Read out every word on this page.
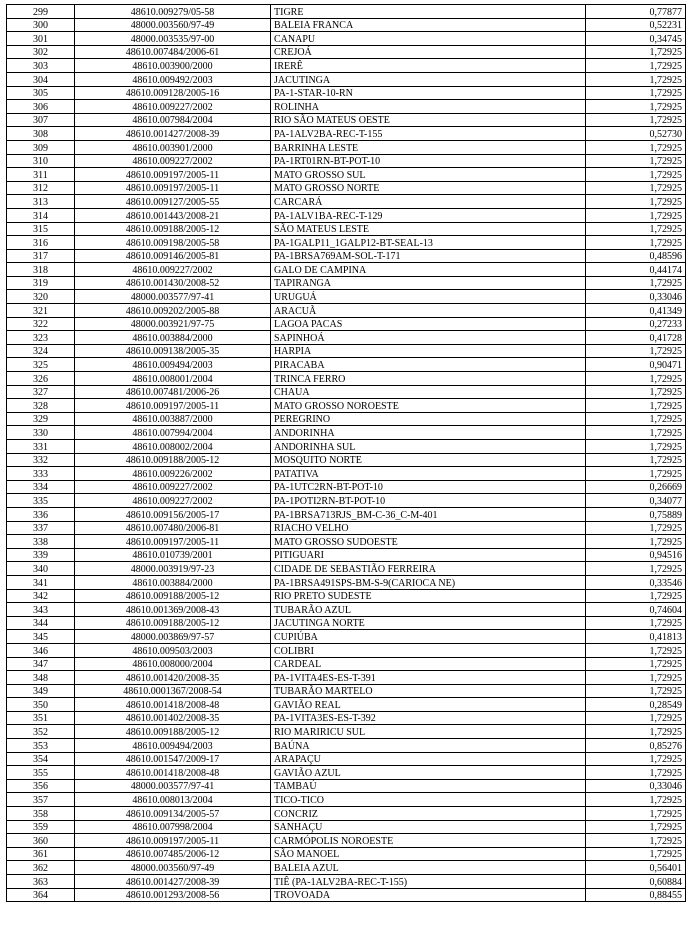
299	48610.009279/05-58	TIGRE	0,77877
300	48000.003560/97-49	BALEIA FRANCA	0,52231
301	48000.003535/97-00	CANAPU	0,34745
302	48610.007484/2006-61	CREJOÁ	1,72925
303	48610.003900/2000	IRERÊ	1,72925
304	48610.009492/2003	JACUTINGA	1,72925
305	48610.009128/2005-16	PA-1-STAR-10-RN	1,72925
306	48610.009227/2002	ROLINHA	1,72925
307	48610.007984/2004	RIO SÃO MATEUS OESTE	1,72925
308	48610.001427/2008-39	PA-1ALV2BA-REC-T-155	0,52730
309	48610.003901/2000	BARRINHA LESTE	1,72925
310	48610.009227/2002	PA-1RT01RN-BT-POT-10	1,72925
311	48610.009197/2005-11	MATO GROSSO SUL	1,72925
312	48610.009197/2005-11	MATO GROSSO NORTE	1,72925
313	48610.009127/2005-55	CARCARÁ	1,72925
314	48610.001443/2008-21	PA-1ALV1BA-REC-T-129	1,72925
315	48610.009188/2005-12	SÃO MATEUS LESTE	1,72925
316	48610.009198/2005-58	PA-1GALP11_1GALP12-BT-SEAL-13	1,72925
317	48610.009146/2005-81	PA-1BRSA769AM-SOL-T-171	0,48596
318	48610.009227/2002	GALO DE CAMPINA	0,44174
319	48610.001430/2008-52	TAPIRANGA	1,72925
320	48000.003577/97-41	URUGUÁ	0,33046
321	48610.009202/2005-88	ARACUÃ	0,41349
322	48000.003921/97-75	LAGOA PACAS	0,27233
323	48610.003884/2000	SAPINHOÁ	0,41728
324	48610.009138/2005-35	HARPIA	1,72925
325	48610.009494/2003	PIRACABA	0,90471
326	48610.008001/2004	TRINCA FERRO	1,72925
327	48610.007481/2006-26	CHAUA	1,72925
328	48610.009197/2005-11	MATO GROSSO NOROESTE	1,72925
329	48610.003887/2000	PEREGRINO	1,72925
330	48610.007994/2004	ANDORINHA	1,72925
331	48610.008002/2004	ANDORINHA SUL	1,72925
332	48610.009188/2005-12	MOSQUITO NORTE	1,72925
333	48610.009226/2002	PATATIVA	1,72925
334	48610.009227/2002	PA-1UTC2RN-BT-POT-10	0,26669
335	48610.009227/2002	PA-1POTI2RN-BT-POT-10	0,34077
336	48610.009156/2005-17	PA-1BRSA713RJS_BM-C-36_C-M-401	0,75889
337	48610.007480/2006-81	RIACHO VELHO	1,72925
338	48610.009197/2005-11	MATO GROSSO SUDOESTE	1,72925
339	48610.010739/2001	PITIGUARI	0,94516
340	48000.003919/97-23	CIDADE DE SEBASTIÃO FERREIRA	1,72925
341	48610.003884/2000	PA-1BRSA491SPS-BM-S-9(CARIOCA NE)	0,33546
342	48610.009188/2005-12	RIO PRETO SUDESTE	1,72925
343	48610.001369/2008-43	TUBARÃO AZUL	0,74604
344	48610.009188/2005-12	JACUTINGA NORTE	1,72925
345	48000.003869/97-57	CUPIÚBA	0,41813
346	48610.009503/2003	COLIBRI	1,72925
347	48610.008000/2004	CARDEAL	1,72925
348	48610.001420/2008-35	PA-1VITA4ES-ES-T-391	1,72925
349	48610.0001367/2008-54	TUBARÃO MARTELO	1,72925
350	48610.001418/2008-48	GAVIÃO REAL	0,28549
351	48610.001402/2008-35	PA-1VITA3ES-ES-T-392	1,72925
352	48610.009188/2005-12	RIO MARIRICU SUL	1,72925
353	48610.009494/2003	BAÚNA	0,85276
354	48610.001547/2009-17	ARAPAÇU	1,72925
355	48610.001418/2008-48	GAVIÃO AZUL	1,72925
356	48000.003577/97-41	TAMBAÚ	0,33046
357	48610.008013/2004	TICO-TICO	1,72925
358	48610.009134/2005-57	CONCRIZ	1,72925
359	48610.007998/2004	SANHAÇU	1,72925
360	48610.009197/2005-11	CARMÓPOLIS NOROESTE	1,72925
361	48610.007485/2006-12	SÃO MANOEL	1,72925
362	48000.003560/97-49	BALEIA AZUL	0,56401
363	48610.001427/2008-39	TIÊ (PA-1ALV2BA-REC-T-155)	0,60884
364	48610.001293/2008-56	TROVOADA	0,88455
